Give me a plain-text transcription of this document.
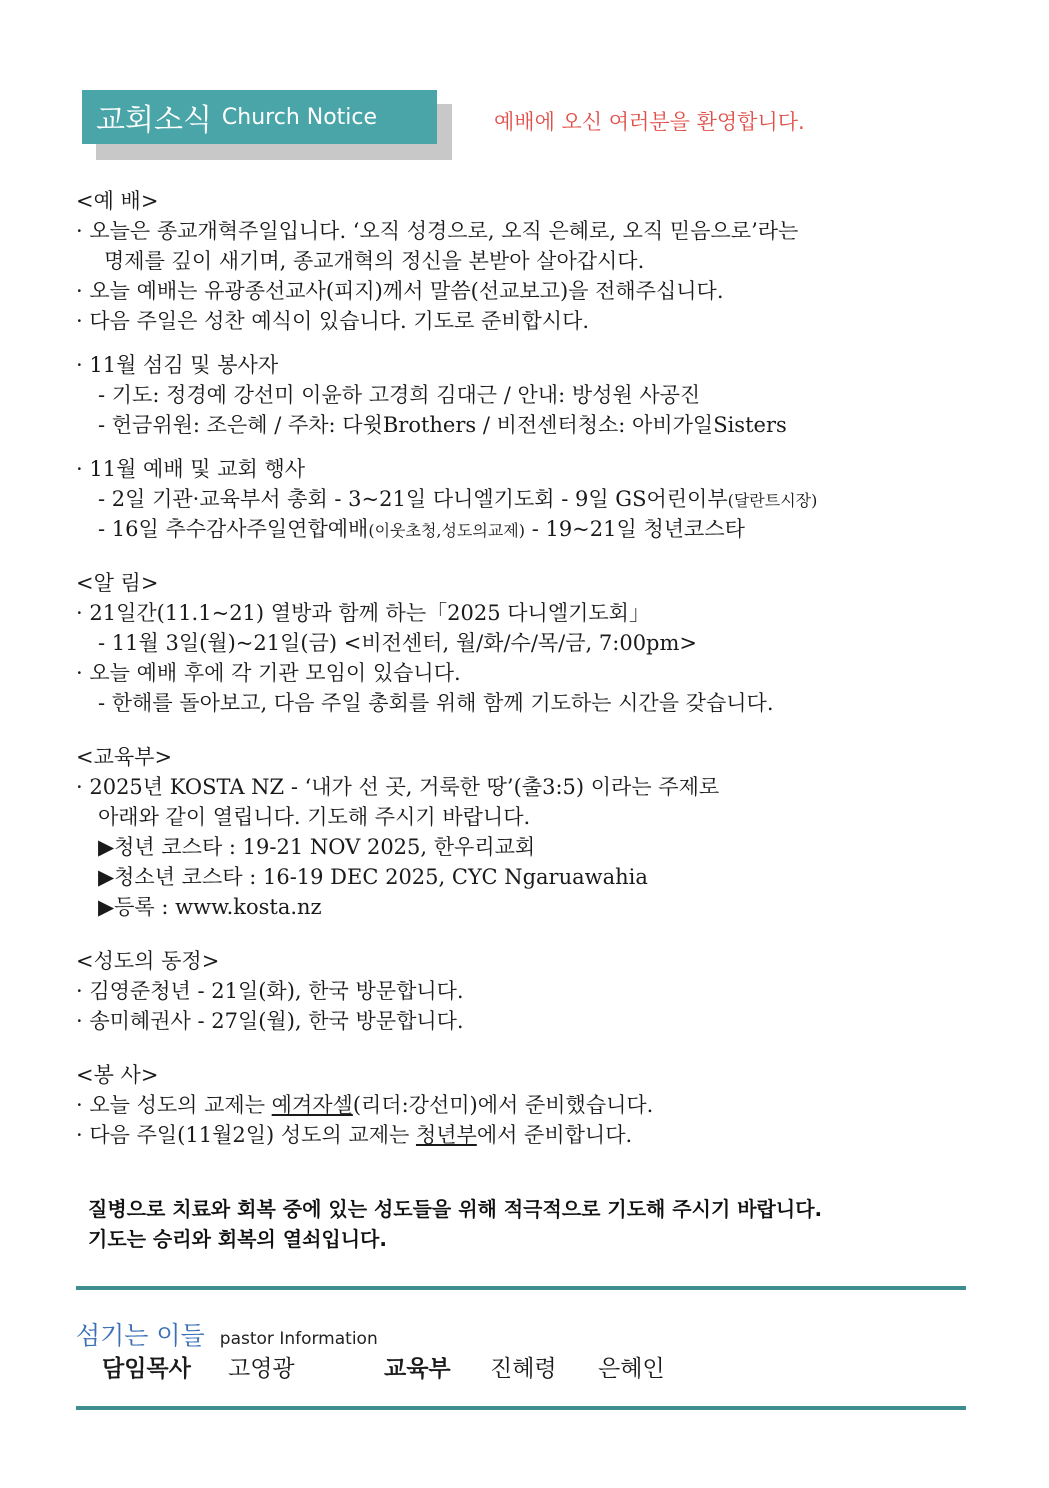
교회소식 Church Notice	예배에 오신 여러분을 환영합니다.
<예 배>
· 오늘은 종교개혁주일입니다. ‘오직 성경으로, 오직 은혜로, 오직 믿음으로’라는
명제를 깊이 새기며, 종교개혁의 정신을 본받아 살아갑시다.
· 오늘 예배는 유광종선교사(피지)께서 말씀(선교보고)을 전해주십니다.
· 다음 주일은 성찬 예식이 있습니다. 기도로 준비합시다.
· 11월 섬김 및 봉사자
- 기도: 정경예 강선미 이윤하 고경희 김대근 / 안내: 방성원 사공진
- 헌금위원: 조은혜 / 주차: 다윗Brothers / 비전센터청소: 아비가일Sisters
· 11월 예배 및 교회 행사
- 2일 기관·교육부서 총회 - 3~21일 다니엘기도회 - 9일 GS어린이부(달란트시장)
- 16일 추수감사주일연합예배(이웃초청,성도의교제) - 19~21일 청년코스타
<알 림>
· 21일간(11.1~21) 열방과 함께 하는「2025 다니엘기도회」
- 11월 3일(월)~21일(금) <비전센터, 월/화/수/목/금, 7:00pm>
· 오늘 예배 후에 각 기관 모임이 있습니다.
- 한해를 돌아보고, 다음 주일 총회를 위해 함께 기도하는 시간을 갖습니다.
<교육부>
· 2025년 KOSTA NZ - ‘내가 선 곳, 거룩한 땅’(출3:5) 이라는 주제로
아래와 같이 열립니다. 기도해 주시기 바랍니다.
▶청년 코스타 : 19-21 NOV 2025, 한우리교회
▶청소년 코스타 : 16-19 DEC 2025, CYC Ngaruawahia
▶등록 : www.kosta.nz
<성도의 동정>
· 김영준청년 - 21일(화), 한국 방문합니다.
· 송미혜권사 - 27일(월), 한국 방문합니다.
<봉 사>
· 오늘 성도의 교제는 예겨자셀(리더:강선미)에서 준비했습니다.
· 다음 주일(11월2일) 성도의 교제는 청년부에서 준비합니다.
질병으로 치료와 회복 중에 있는 성도들을 위해 적극적으로 기도해 주시기 바랍니다.
기도는 승리와 회복의 열쇠입니다.
섬기는 이들 pastor Information
담임목사 고영광	교육부 진혜령 은혜인
